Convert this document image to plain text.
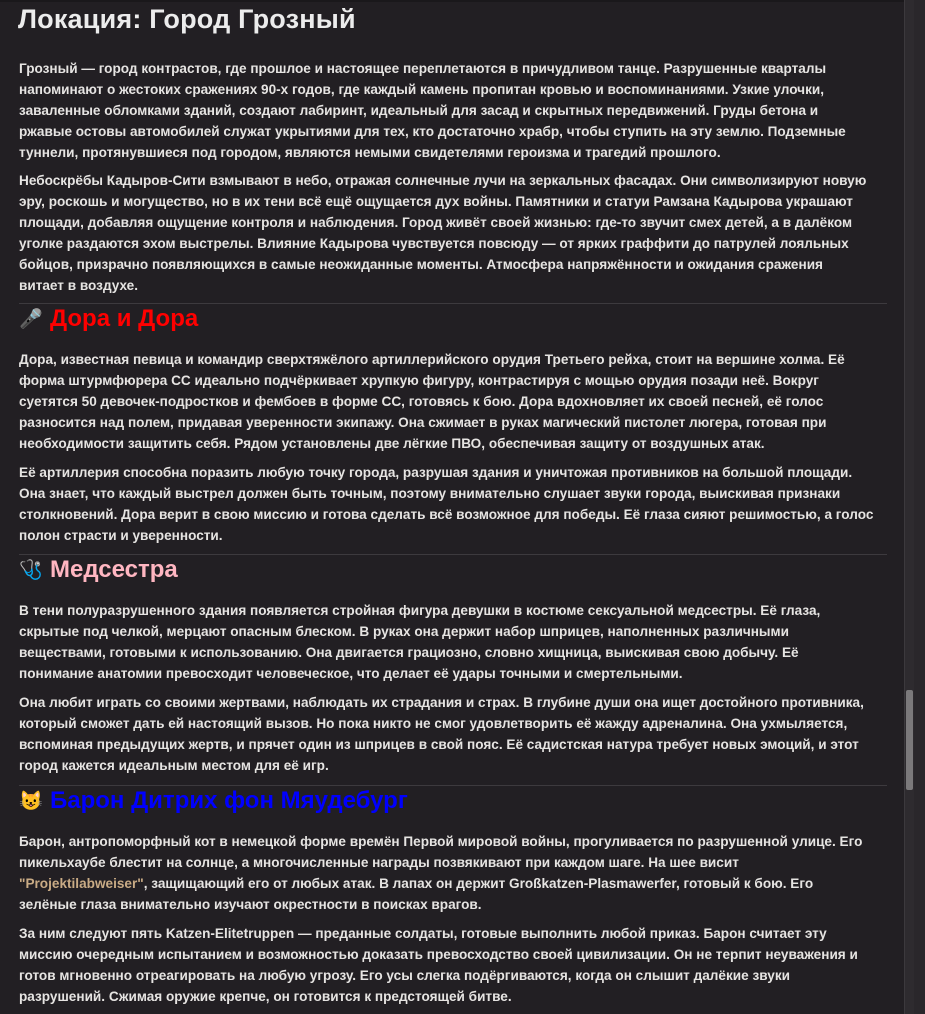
Локация: Город Грозный

Грозный — город контрастов, где прошлое и настоящее переплетаются в причудливом танце. Разрушенные кварталы
напоминают о жестоких сражениях 90-х годов, где каждый камень пропитан кровью и воспоминаниями. Узкие улочки,
заваленные обломками зданий, создают лабиринт, идеальный для засад и скрытных передвижений. Груды бетона и
ржавые остовы автомобилей служат укрытиями для тех, кто достаточно храбр, чтобы ступить на эту землю. Подземные
туннели, протянувшиеся под городом, являются немыми свидетелями героизма и трагедий прошлого.

Небоскрёбы Кадыров-Сити взмывают в небо, отражая солнечные лучи на зеркальных фасадах. Они символизируют новую
эру, роскошь и могущество, но в их тени всё ещё ощущается дух войны. Памятники и статуи Рамзана Кадырова украшают
площади, добавляя ощущение контроля и наблюдения. Город живёт своей жизнью: где-то звучит смех детей, а в далёком
уголке раздаются эхом выстрелы. Влияние Кадырова чувствуется повсюду — от ярких граффити до патрулей лояльных
бойцов, призрачно появляющихся в самые неожиданные моменты. Атмосфера напряжённости и ожидания сражения
витает в воздухе.

🎤 Дора и Дора

Дора, известная певица и командир сверхтяжёлого артиллерийского орудия Третьего рейха, стоит на вершине холма. Её
форма штурмфюрера СС идеально подчёркивает хрупкую фигуру, контрастируя с мощью орудия позади неё. Вокруг
суетятся 50 девочек-подростков и фембоев в форме СС, готовясь к бою. Дора вдохновляет их своей песней, её голос
разносится над полем, придавая уверенности экипажу. Она сжимает в руках магический пистолет люгера, готовая при
необходимости защитить себя. Рядом установлены две лёгкие ПВО, обеспечивая защиту от воздушных атак.

Её артиллерия способна поразить любую точку города, разрушая здания и уничтожая противников на большой площади.
Она знает, что каждый выстрел должен быть точным, поэтому внимательно слушает звуки города, выискивая признаки
столкновений. Дора верит в свою миссию и готова сделать всё возможное для победы. Её глаза сияют решимостью, а голос
полон страсти и уверенности.

🩺 Медсестра

В тени полуразрушенного здания появляется стройная фигура девушки в костюме сексуальной медсестры. Её глаза,
скрытые под челкой, мерцают опасным блеском. В руках она держит набор шприцев, наполненных различными
веществами, готовыми к использованию. Она двигается грациозно, словно хищница, выискивая свою добычу. Её
понимание анатомии превосходит человеческое, что делает её удары точными и смертельными.

Она любит играть со своими жертвами, наблюдать их страдания и страх. В глубине души она ищет достойного противника,
который сможет дать ей настоящий вызов. Но пока никто не смог удовлетворить её жажду адреналина. Она ухмыляется,
вспоминая предыдущих жертв, и прячет один из шприцев в свой пояс. Её садистская натура требует новых эмоций, и этот
город кажется идеальным местом для её игр.

😺 Барон Дитрих фон Мяудебург

Барон, антропоморфный кот в немецкой форме времён Первой мировой войны, прогуливается по разрушенной улице. Его
пикельхаубе блестит на солнце, а многочисленные награды позвякивают при каждом шаге. На шее висит
"Projektilabweiser", защищающий его от любых атак. В лапах он держит Großkatzen-Plasmawerfer, готовый к бою. Его
зелёные глаза внимательно изучают окрестности в поисках врагов.

За ним следуют пять Katzen-Elitetruppen — преданные солдаты, готовые выполнить любой приказ. Барон считает эту
миссию очередным испытанием и возможностью доказать превосходство своей цивилизации. Он не терпит неуважения и
готов мгновенно отреагировать на любую угрозу. Его усы слегка подёргиваются, когда он слышит далёкие звуки
разрушений. Сжимая оружие крепче, он готовится к предстоящей битве.
